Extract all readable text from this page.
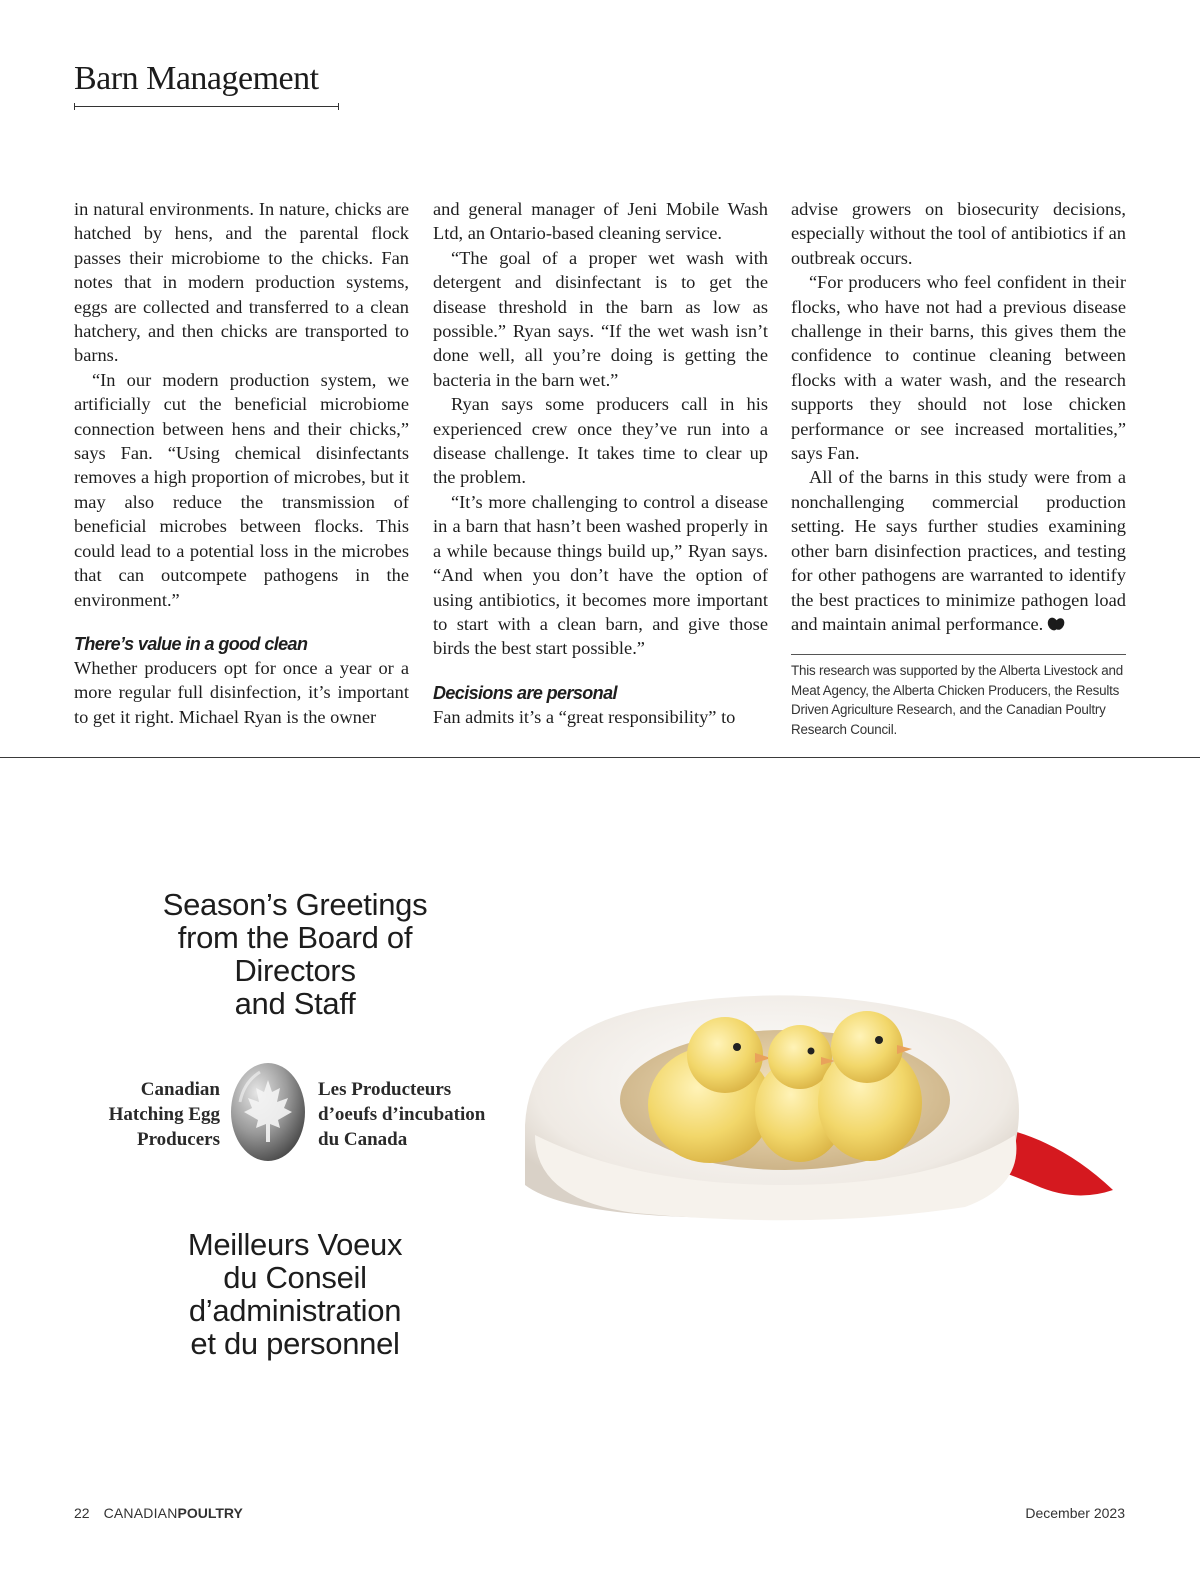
Barn Management

in natural environments. In nature, chicks are hatched by hens, and the parental flock passes their microbiome to the chicks. Fan notes that in modern production systems, eggs are collected and transferred to a clean hatchery, and then chicks are transported to barns.

“In our modern production system, we artificially cut the beneficial microbiome connection between hens and their chicks,” says Fan. “Using chemical disinfectants removes a high proportion of microbes, but it may also reduce the transmission of beneficial microbes between flocks. This could lead to a potential loss in the microbes that can outcompete pathogens in the environment.”

There’s value in a good clean

Whether producers opt for once a year or a more regular full disinfection, it’s important to get it right. Michael Ryan is the owner

and general manager of Jeni Mobile Wash Ltd, an Ontario-based cleaning service.

“The goal of a proper wet wash with detergent and disinfectant is to get the disease threshold in the barn as low as possible.” Ryan says. “If the wet wash isn’t done well, all you’re doing is getting the bacteria in the barn wet.”

Ryan says some producers call in his experienced crew once they’ve run into a disease challenge. It takes time to clear up the problem.

“It’s more challenging to control a disease in a barn that hasn’t been washed properly in a while because things build up,” Ryan says. “And when you don’t have the option of using antibiotics, it becomes more important to start with a clean barn, and give those birds the best start possible.”

Decisions are personal

Fan admits it’s a “great responsibility” to

advise growers on biosecurity decisions, especially without the tool of antibiotics if an outbreak occurs.

“For producers who feel confident in their flocks, who have not had a previous disease challenge in their barns, this gives them the confidence to continue cleaning between flocks with a water wash, and the research supports they should not lose chicken performance or see increased mortalities,” says Fan.

All of the barns in this study were from a nonchallenging commercial production setting. He says further studies examining other barn disinfection practices, and testing for other pathogens are warranted to identify the best practices to minimize pathogen load and maintain animal performance.

This research was supported by the Alberta Livestock and Meat Agency, the Alberta Chicken Producers, the Results Driven Agriculture Research, and the Canadian Poultry Research Council.
Season’s Greetings
from the Board of
Directors
and Staff
Canadian
Hatching Egg
Producers
Les Producteurs
d’oeufs d’incubation
du Canada
Meilleurs Voeux
du Conseil
d’administration
et du personnel
22 CANADIANPOULTRY	December 2023
